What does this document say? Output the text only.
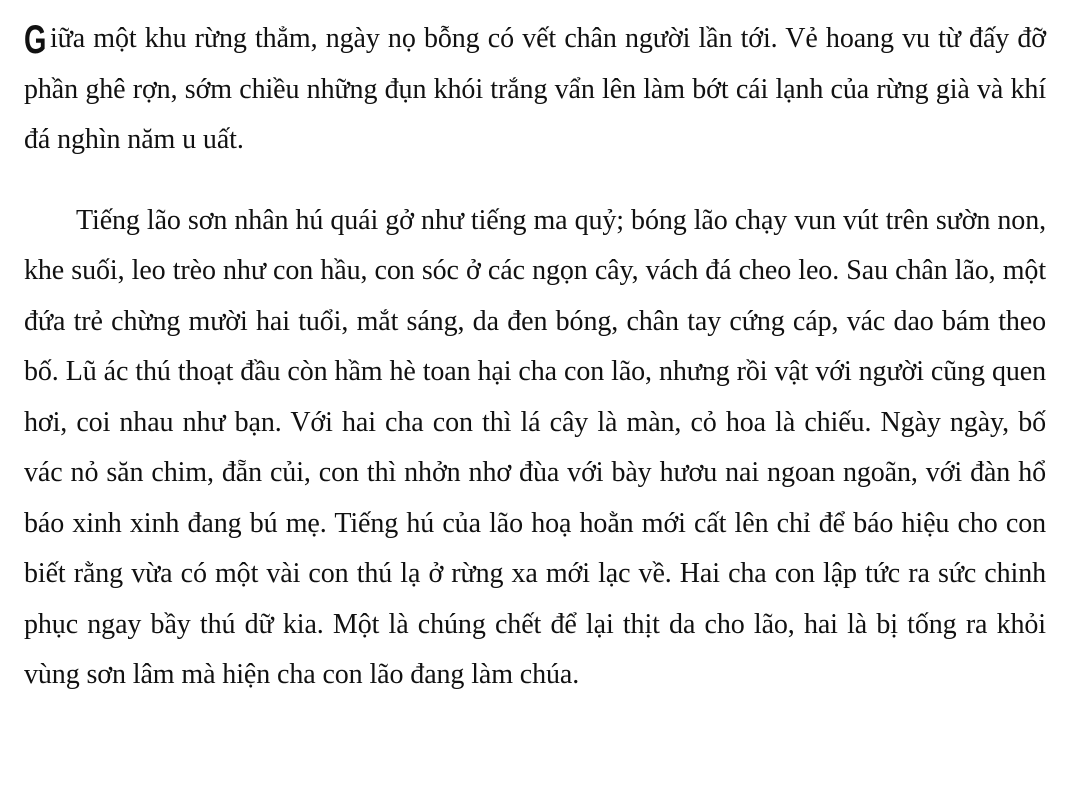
G iữa một khu rừng thẳm, ngày nọ bỗng có vết chân người lần tới. Vẻ hoang vu từ đấy đỡ phần ghê rợn, sớm chiều những đụn khói trắng vẩn lên làm bớt cái lạnh của rừng già và khí đá nghìn năm u uất.

Tiếng lão sơn nhân hú quái gở như tiếng ma quỷ; bóng lão chạy vun vút trên sườn non, khe suối, leo trèo như con hầu, con sóc ở các ngọn cây, vách đá cheo leo. Sau chân lão, một đứa trẻ chừng mười hai tuổi, mắt sáng, da đen bóng, chân tay cứng cáp, vác dao bám theo bố. Lũ ác thú thoạt đầu còn hầm hè toan hại cha con lão, nhưng rồi vật với người cũng quen hơi, coi nhau như bạn. Với hai cha con thì lá cây là màn, cỏ hoa là chiếu. Ngày ngày, bố vác nỏ săn chim, đẵn củi, con thì nhởn nhơ đùa với bày hươu nai ngoan ngoãn, với đàn hổ báo xinh xinh đang bú mẹ. Tiếng hú của lão hoạ hoằn mới cất lên chỉ để báo hiệu cho con biết rằng vừa có một vài con thú lạ ở rừng xa mới lạc về. Hai cha con lập tức ra sức chinh phục ngay bầy thú dữ kia. Một là chúng chết để lại thịt da cho lão, hai là bị tống ra khỏi vùng sơn lâm mà hiện cha con lão đang làm chúa.
